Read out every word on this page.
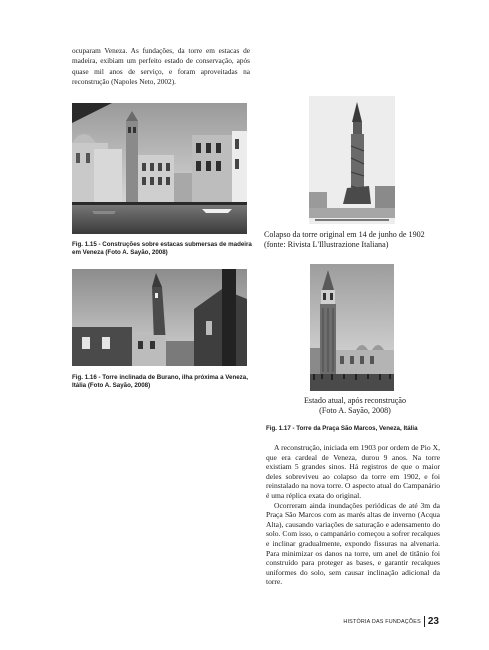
ocuparam Veneza. As fundações, da torre em estacas de madeira, exibiam um perfeito estado de conservação, após quase mil anos de serviço, e foram aproveitadas na reconstrução (Napoles Neto, 2002).
Fig. 1.15 - Construções sobre estacas submersas de madeira em Veneza (Foto A. Sayão, 2008)
Colapso da torre original em 14 de junho de 1902 (fonte: Rivista L'Illustrazione Italiana)
Fig. 1.16 - Torre inclinada de Burano, ilha próxima a Veneza, Itália (Foto A. Sayão, 2008)
Estado atual, após reconstrução (Foto A. Sayão, 2008)
Fig. 1.17 - Torre da Praça São Marcos, Veneza, Itália

A reconstrução, iniciada em 1903 por ordem de Pio X, que era cardeal de Veneza, durou 9 anos. Na torre existiam 5 grandes sinos. Há registros de que o maior deles sobreviveu ao colapso da torre em 1902, e foi reinstalado na nova torre. O aspecto atual do Campanário é uma réplica exata do original.

Ocorreram ainda inundações periódicas de até 3m da Praça São Marcos com as marés altas de inverno (Acqua Alta), causando variações de saturação e adensamento do solo. Com isso, o campanário começou a sofrer recalques e inclinar gradualmente, expondo fissuras na alvenaria. Para minimizar os danos na torre, um anel de titânio foi construído para proteger as bases, e garantir recalques uniformes do solo, sem causar inclinação adicional da torre.

HISTÓRIA DAS FUNDAÇÕES 23
